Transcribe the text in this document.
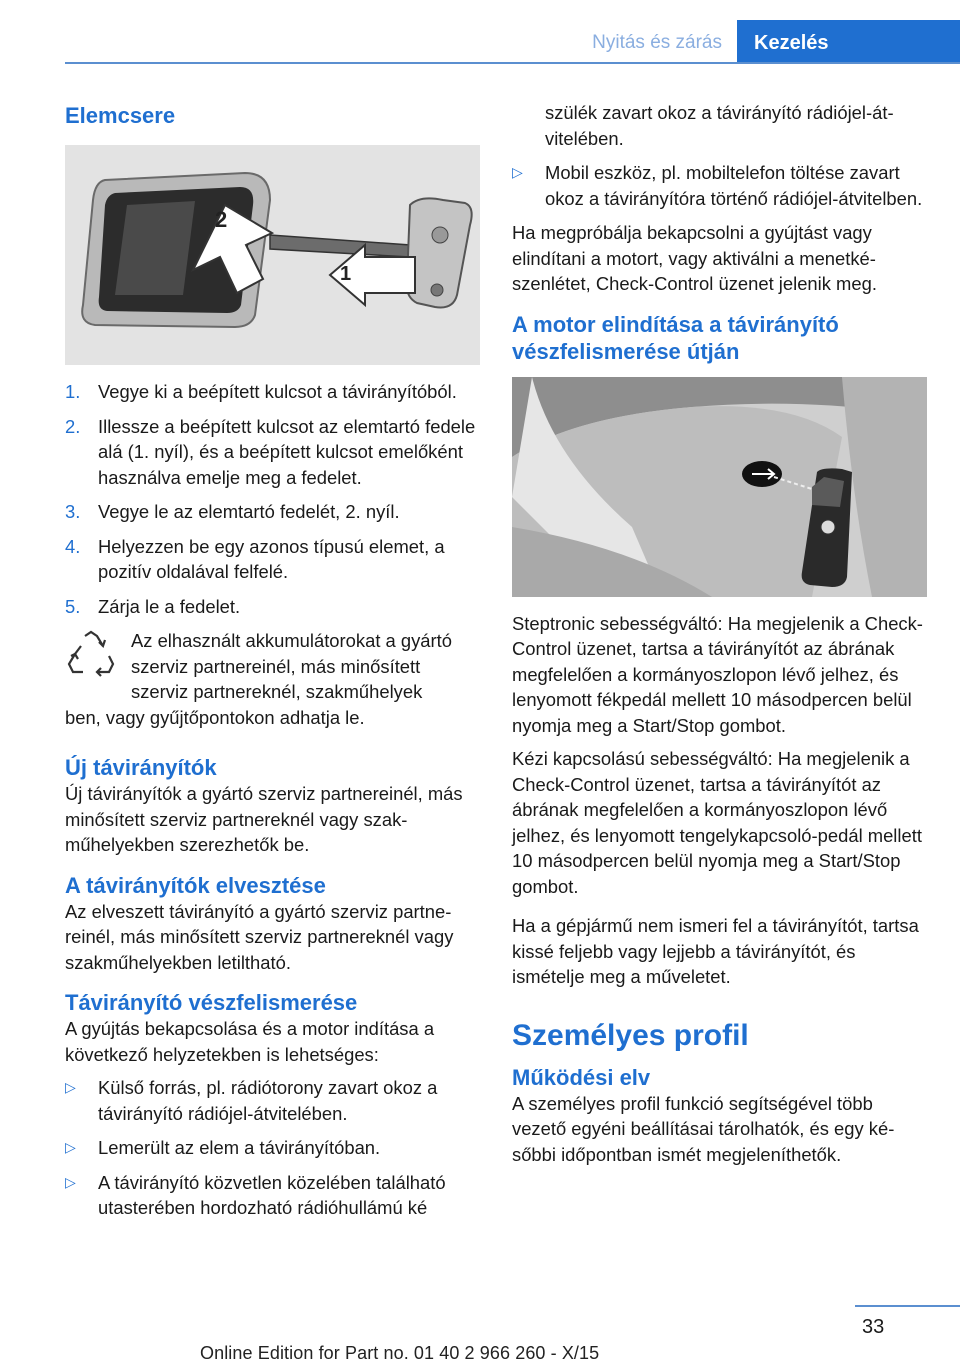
Nyitás és zárás	Kezelés
Elemcsere
2
1
1. Vegye ki a beépített kulcsot a távirányítóból.
2. Illessze a beépített kulcsot az elemtartó fedele alá (1. nyíl), és a beépített kulcsot emelőként használva emelje meg a fedelet.
3. Vegye le az elemtartó fedelét, 2. nyíl.
4. Helyezzen be egy azonos típusú elemet, a pozitív oldalával felfelé.
5. Zárja le a fedelet.
Az elhasznált akkumulátorokat a gyártó szerviz partnereinél, más minősített szerviz partnereknél, szakműhelyek
ben, vagy gyűjtőpontokon adhatja le.
Új távirányítók

Új távirányítók a gyártó szerviz partnereinél, más minősített szerviz partnereknél vagy szakműhelyekben szerezhetők be.

A távirányítók elvesztése

Az elveszett távirányító a gyártó szerviz partnereinél, más minősített szerviz partnereknél vagy szakműhelyekben letiltható.

Távirányító vészfelismerése

A gyújtás bekapcsolása és a motor indítása a következő helyzetekben is lehetséges:

▷ Külső forrás, pl. rádiótorony zavart okoz a távirányító rádiójel-átvitelében.
▷ Lemerült az elem a távirányítóban.
▷ A távirányító közvetlen közelében található utasterében hordozható rádióhullámú ké
szülék zavart okoz a távirányító rádiójel-átvitelében.
▷ Mobil eszköz, pl. mobiltelefon töltése zavart okoz a távirányítóra történő rádiójel-átvitelben.

Ha megpróbálja bekapcsolni a gyújtást vagy elindítani a motort, vagy aktiválni a menetkészenlétet, Check-Control üzenet jelenik meg.

A motor elindítása a távirányító vészfelismerése útján

Steptronic sebességváltó: Ha megjelenik a Check-Control üzenet, tartsa a távirányítót az ábrának megfelelően a kormányoszlopon lévő jelhez, és lenyomott fékpedál mellett 10 másodpercen belül nyomja meg a Start/Stop gombot.

Kézi kapcsolású sebességváltó: Ha megjelenik a Check-Control üzenet, tartsa a távirányítót az ábrának megfelelően a kormányoszlopon lévő jelhez, és lenyomott tengelykapcsoló-pedál mellett 10 másodpercen belül nyomja meg a Start/Stop gombot.

Ha a gépjármű nem ismeri fel a távirányítót, tartsa kissé feljebb vagy lejjebb a távirányítót, és ismételje meg a műveletet.

Személyes profil
Működési elv

A személyes profil funkció segítségével több vezető egyéni beállításai tárolhatók, és egy későbbi időpontban ismét megjeleníthetők.

33
Online Edition for Part no. 01 40 2 966 260 - X/15
